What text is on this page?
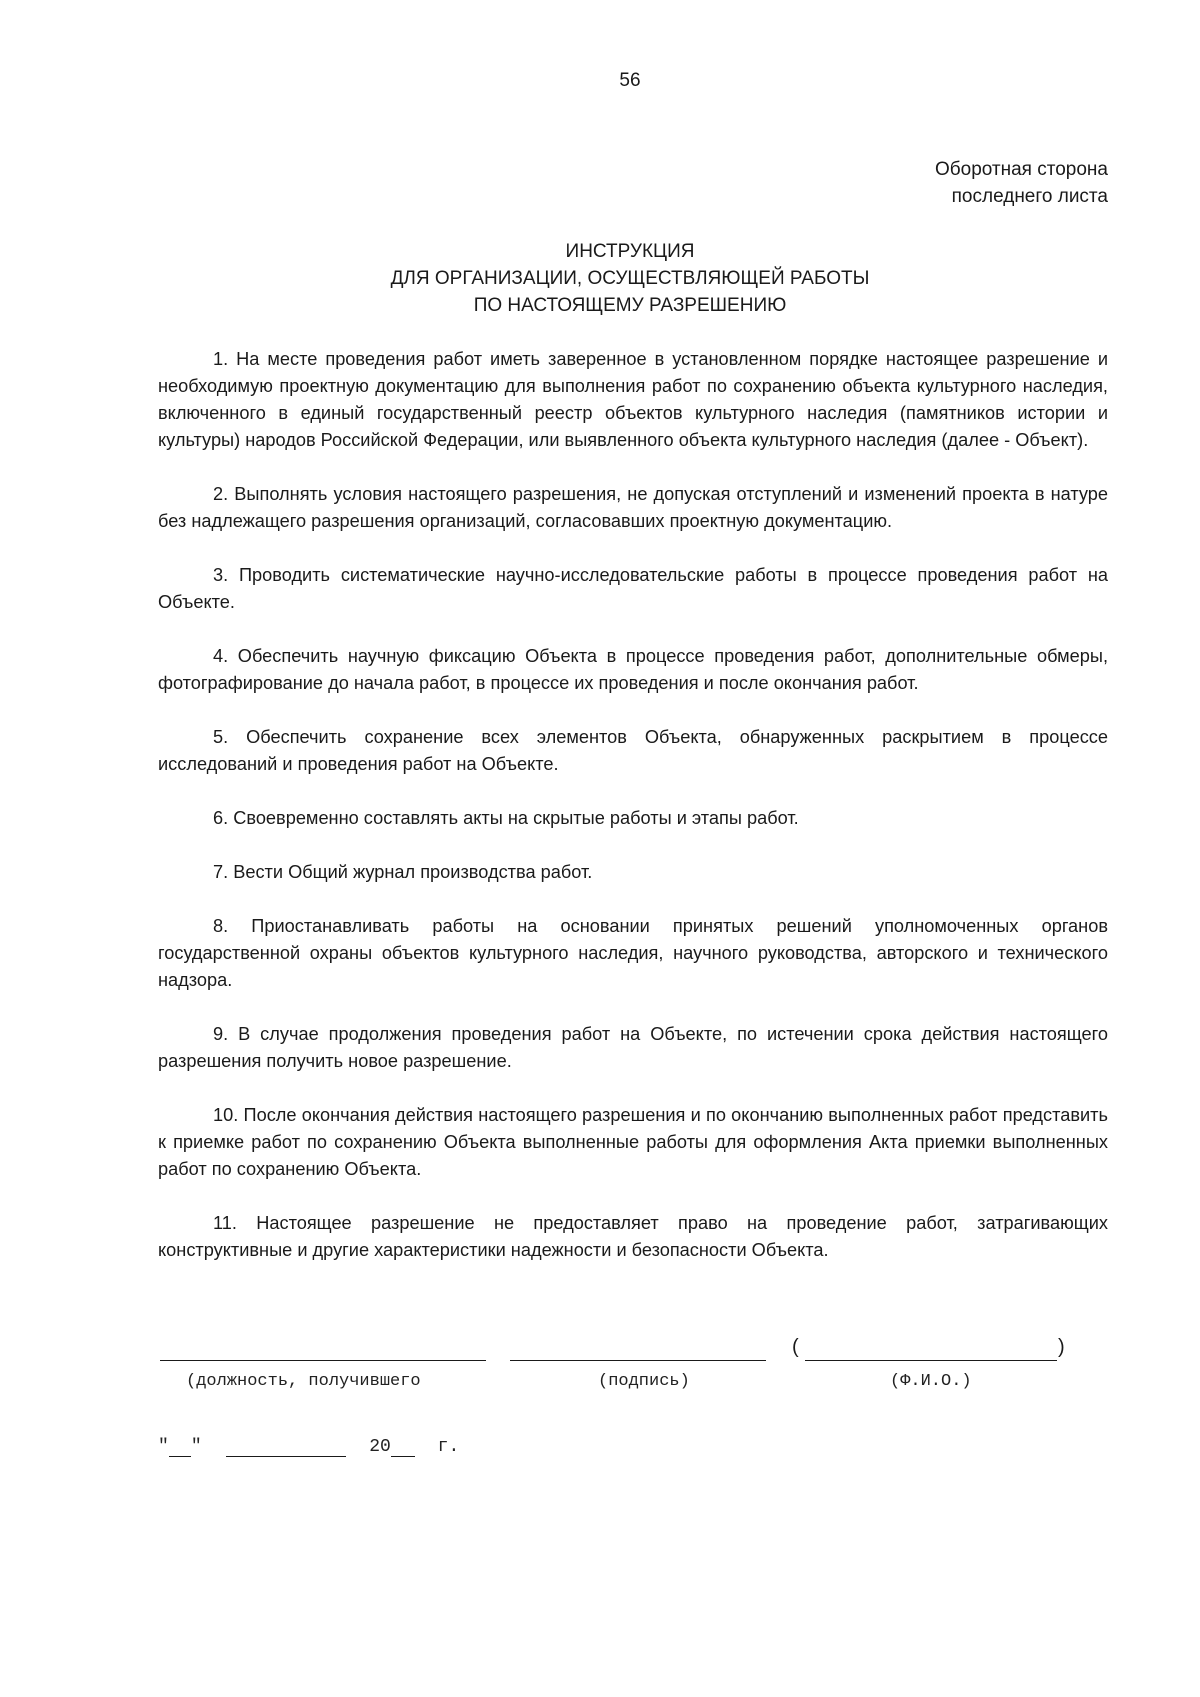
56
Оборотная сторона
последнего листа
ИНСТРУКЦИЯ
ДЛЯ ОРГАНИЗАЦИИ, ОСУЩЕСТВЛЯЮЩЕЙ РАБОТЫ
ПО НАСТОЯЩЕМУ РАЗРЕШЕНИЮ

1. На месте проведения работ иметь заверенное в установленном порядке настоящее разрешение и необходимую проектную документацию для выполнения работ по сохранению объекта культурного наследия, включенного в единый государственный реестр объектов культурного наследия (памятников истории и культуры) народов Российской Федерации, или выявленного объекта культурного наследия (далее - Объект).

2. Выполнять условия настоящего разрешения, не допуская отступлений и изменений проекта в натуре без надлежащего разрешения организаций, согласовавших проектную документацию.

3. Проводить систематические научно-исследовательские работы в процессе проведения работ на Объекте.

4. Обеспечить научную фиксацию Объекта в процессе проведения работ, дополнительные обмеры, фотографирование до начала работ, в процессе их проведения и после окончания работ.

5. Обеспечить сохранение всех элементов Объекта, обнаруженных раскрытием в процессе исследований и проведения работ на Объекте.

6. Своевременно составлять акты на скрытые работы и этапы работ.

7. Вести Общий журнал производства работ.

8. Приостанавливать работы на основании принятых решений уполномоченных органов государственной охраны объектов культурного наследия, научного руководства, авторского и технического надзора.

9. В случае продолжения проведения работ на Объекте, по истечении срока действия настоящего разрешения получить новое разрешение.

10. После окончания действия настоящего разрешения и по окончанию выполненных работ представить к приемке работ по сохранению Объекта выполненные работы для оформления Акта приемки выполненных работ по сохранению Объекта.

11. Настоящее разрешение не предоставляет право на проведение работ, затрагивающих конструктивные и другие характеристики надежности и безопасности Объекта.

(	)
(должность, получившего	(подпись)	(Ф.И.О.)
" "	20	г.
